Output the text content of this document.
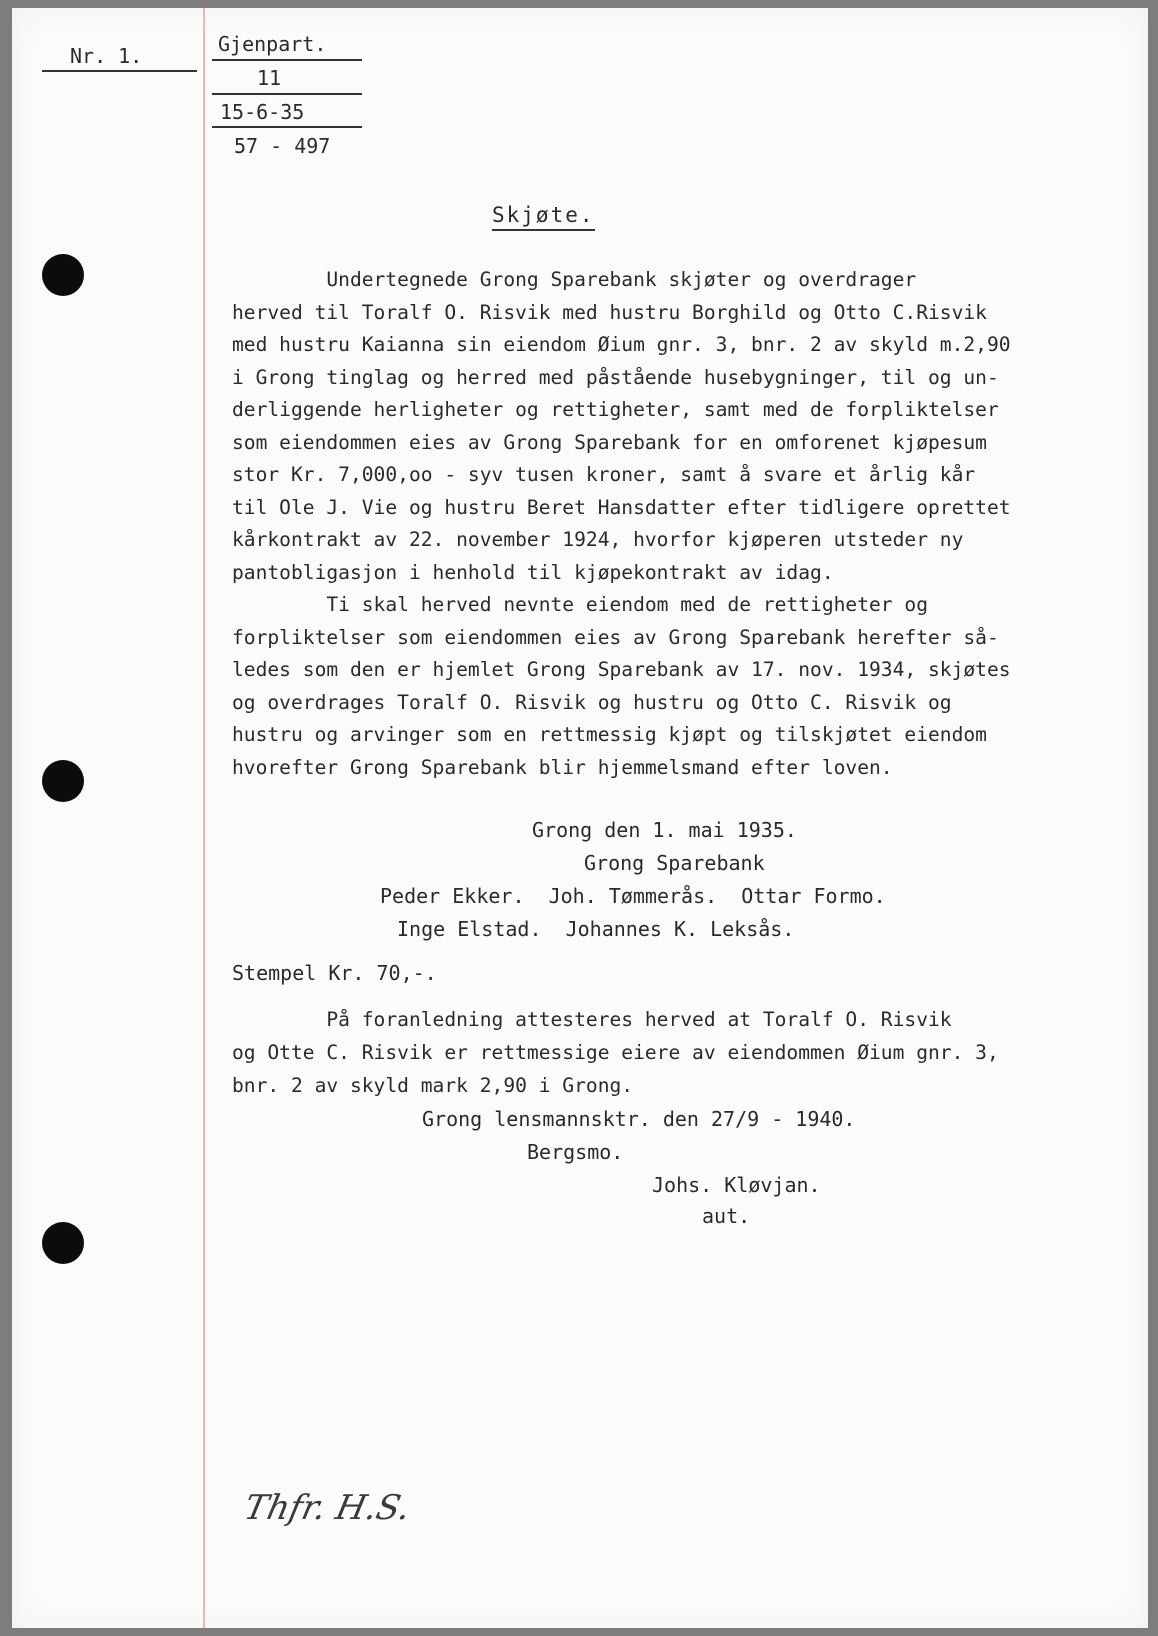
Nr. 1.	Gjenpart.
11
15-6-35
57 - 497
Skjøte.
Undertegnede Grong Sparebank skjøter og overdrager
herved til Toralf O. Risvik med hustru Borghild og Otto C.Risvik
med hustru Kaianna sin eiendom Øium gnr. 3, bnr. 2 av skyld m.2,90
i Grong tinglag og herred med påstående husebygninger, til og un-
derliggende herligheter og rettigheter, samt med de forpliktelser
som eiendommen eies av Grong Sparebank for en omforenet kjøpesum
stor Kr. 7,000,oo - syv tusen kroner, samt å svare et årlig kår
til Ole J. Vie og hustru Beret Hansdatter efter tidligere oprettet
kårkontrakt av 22. november 1924, hvorfor kjøperen utsteder ny
pantobligasjon i henhold til kjøpekontrakt av idag.
Ti skal herved nevnte eiendom med de rettigheter og
forpliktelser som eiendommen eies av Grong Sparebank herefter så-
ledes som den er hjemlet Grong Sparebank av 17. nov. 1934, skjøtes
og overdrages Toralf O. Risvik og hustru og Otto C. Risvik og
hustru og arvinger som en rettmessig kjøpt og tilskjøtet eiendom
hvorefter Grong Sparebank blir hjemmelsmand efter loven.
Grong den 1. mai 1935.
Grong Sparebank
Peder Ekker.  Joh. Tømmerås.  Ottar Formo.
Inge Elstad.  Johannes K. Leksås.
Stempel Kr. 70,-.
På foranledning attesteres herved at Toralf O. Risvik
og Otte C. Risvik er rettmessige eiere av eiendommen Øium gnr. 3,
bnr. 2 av skyld mark 2,90 i Grong.
Grong lensmannsktr. den 27/9 - 1940.
Bergsmo.
Johs. Kløvjan.
aut.
Thfr. H.S.
